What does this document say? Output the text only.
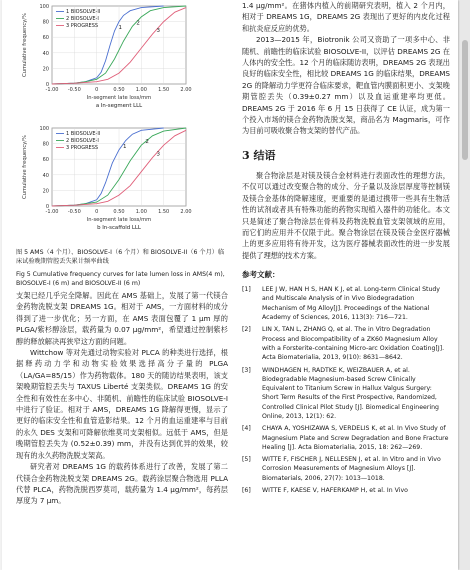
0
20
40
60
80
100
-1.00 -0.50	0	0.50 1.00 1.50 2.00
Cumulative frequency/%
In-segment late loss/mm
a In-segment LLL
1
2
3
1 BIOSOLVE-II
2 BIOSOLVE-I
3 PROGRESS

0
20
40
60
80
100
-1.00 -0.50	0	0.50 1.00 1.50 2.00
Cumulative frequency/%
In-segment late loss/mm
b In-scaffold LLL
1
2
3
1 BIOSOLVE-II
2 BIOSOLVE-I
3 PROGRESS
图 5 AMS（4 个月）、BIOSOLVE-I（6 个月）和 BIOSOLVE-II（6 个月）临床试验晚期管腔丢失累计频率曲线
Fig 5 Cumulative frequency curves for late lumen loss in AMS(4 m), BIOSOLVE-I (6 m) and BIOSOLVE-II (6 m)

支架已经几乎完全降解。因此在 AMS 基础上，发展了第一代镁合金药物洗脱支架 DREAMS 1G。相对于 AMS，一方面材料的成分得到了进一步优化；另一方面，在 AMS 表面包覆了 1 μm 厚的 PLGA/紫杉醇涂层，载药量为 0.07 μg/mm²，希望通过控制紫杉醇的释放解决再狭窄这方面的问题。

Wittchow 等对先通过动物实验对 PLCA 的种类进行选择，根据释药动力学和动物实验效果选择高分子量的 PLGA（LA/GA=85/15）作为药物载体。180 天的随访结果表明，该支架晚期管腔丢失与 TAXUS Liberté 支架类似。DREAMS 1G 的安全性和有效性在多中心、非随机、前瞻性的临床试验 BIOSOLVE-I 中进行了验证。相对于 AMS，DREAMS 1G 降解得更慢，显示了更好的临床安全性和血管造影结果。12 个月的血运重建率与目前的永久 DES 支架和可降解依维莫司支架相似。远低于 AMS，但是晚期管腔丢失为 (0.52±0.39) mm，并没有达到优异的效果，较现有的永久药物洗脱支架高。

研究者对 DREAMS 1G 的载药体系进行了改善，发展了第二代镁合金药物洗脱支架 DREAMS 2G。载药涂层聚合物选用 PLLA 代替 PLCA，药物洗脱西罗莫司，载药量为 1.4 μg/mm²，每药层厚度为 7 μm。

1.4 μg/mm²。在猪体内植入的前期研究表明，植入 2 个月内，相对于 DREAMS 1G，DREAMS 2G 表现出了更好的内皮化过程和抗炎症反应的优势。

2013—2015 年，Biotronik 公司又资助了一项多中心、非随机、前瞻性的临床试验 BIOSOLVE-II，以评估 DREAMS 2G 在人体内的安全性。12 个月的临床随访表明，DREAMS 2G 表现出良好的临床安全性，相比较 DREAMS 1G 的临床结果，DREAMS 2G 的降解动力学更符合临床要求，靶血管内膜面积更小、支架晚期管腔丢失（0.39±0.27 mm）以及血运重建率均更低。DREAMS 2G 于 2016 年 6 月 15 日获得了 CE 认证，成为第一个投入市场的镁合金药物洗脱支架，商品名为 Magmaris，可作为目前可吸收聚合物支架的替代产品。

3 结语

聚合物涂层是对镁及镁合金材料进行表面改性的理想方法，不仅可以通过改变聚合物的成分、分子量以及涂层厚度等控制镁及镁合金基体的降解速度，更重要的是通过携带一些具有生物活性的试剂或者具有特殊功能的药物实现植入器件的功能化。本文只是简述了聚合物涂层在骨科及药物洗脱血管支架领域的应用，而它们的应用并不仅限于此。聚合物涂层在镁及镁合金医疗器械上的更多应用将有待开发，这为医疗器械表面改性的进一步发展提供了理想的技术方案。

参考文献：
[1]	LEE J W, HAN H S, HAN K J, et al. Long-term Clinical Study and Multiscale Analysis of in Vivo Biodegradation Mechanism of Mg Alloy[J]. Proceedings of the National Academy of Sciences, 2016, 113(3): 716—721.
[2]	LIN X, TAN L, ZHANG Q, et al. The in Vitro Degradation Process and Biocompatibility of a ZK60 Magnesium Alloy with a Forsterite-containing Micro-arc Oxidation Coating[J]. Acta Biomaterialia, 2013, 9(10): 8631—8642.
[3]	WINDHAGEN H, RADTKE K, WEIZBAUER A, et al. Biodegradable Magnesium-based Screw Clinically Equivalent to Titanium Screw in Hallux Valgus Surgery: Short Term Results of the First Prospective, Randomized, Controlled Clinical Pilot Study [J]. Biomedical Engineering Online, 2013, 12(1): 62.
[4]	CHAYA A, YOSHIZAWA S, VERDELIS K, et al. In Vivo Study of Magnesium Plate and Screw Degradation and Bone Fracture Healing [J]. Acta Biomaterialia, 2015, 18: 262—269.
[5]	WITTE F, FISCHER J, NELLESEN J, et al. In Vitro and in Vivo Corrosion Measurements of Magnesium Alloys [J]. Biomaterials, 2006, 27(7): 1013—1018.
[6]	WITTE F, KAESE V, HAFERKAMP H, et al. In Vivo
